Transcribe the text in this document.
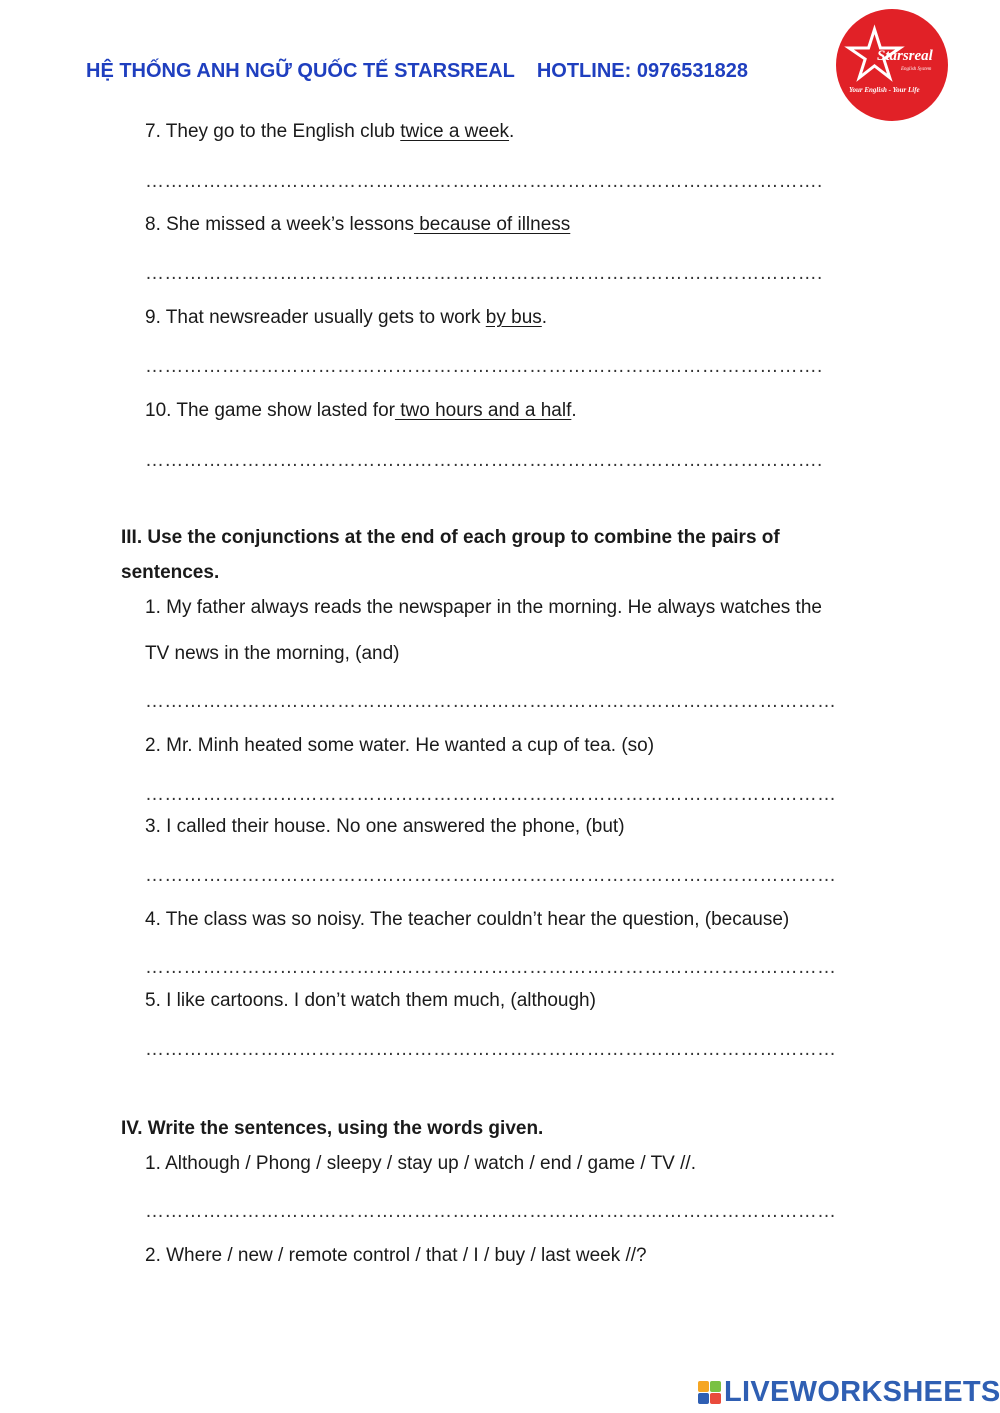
HỆ THỐNG ANH NGỮ QUỐC TẾ STARSREAL HOTLINE: 0976531828
Starsreal
English System
Your English - Your Life
7. They go to the English club twice a week.
…………………………………………………………………………………………….
8. She missed a week’s lessons because of illness
…………………………………………………………………………………………….
9. That newsreader usually gets to work by bus.
…………………………………………………………………………………………….
10. The game show lasted for two hours and a half.
…………………………………………………………………………………………….
III. Use the conjunctions at the end of each group to combine the pairs of
sentences.
1. My father always reads the newspaper in the morning. He always watches the
TV news in the morning, (and)
………………………………………………………………………………………………
2. Mr. Minh heated some water. He wanted a cup of tea. (so)
………………………………………………………………………………………………
3. I called their house. No one answered the phone, (but)
………………………………………………………………………………………………
4. The class was so noisy. The teacher couldn’t hear the question, (because)
………………………………………………………………………………………………
5. I like cartoons. I don’t watch them much, (although)
………………………………………………………………………………………………
IV. Write the sentences, using the words given.
1. Although / Phong / sleepy / stay up / watch / end / game / TV //.
………………………………………………………………………………………………
2. Where / new / remote control / that / I / buy / last week //?
LIVEWORKSHEETS
